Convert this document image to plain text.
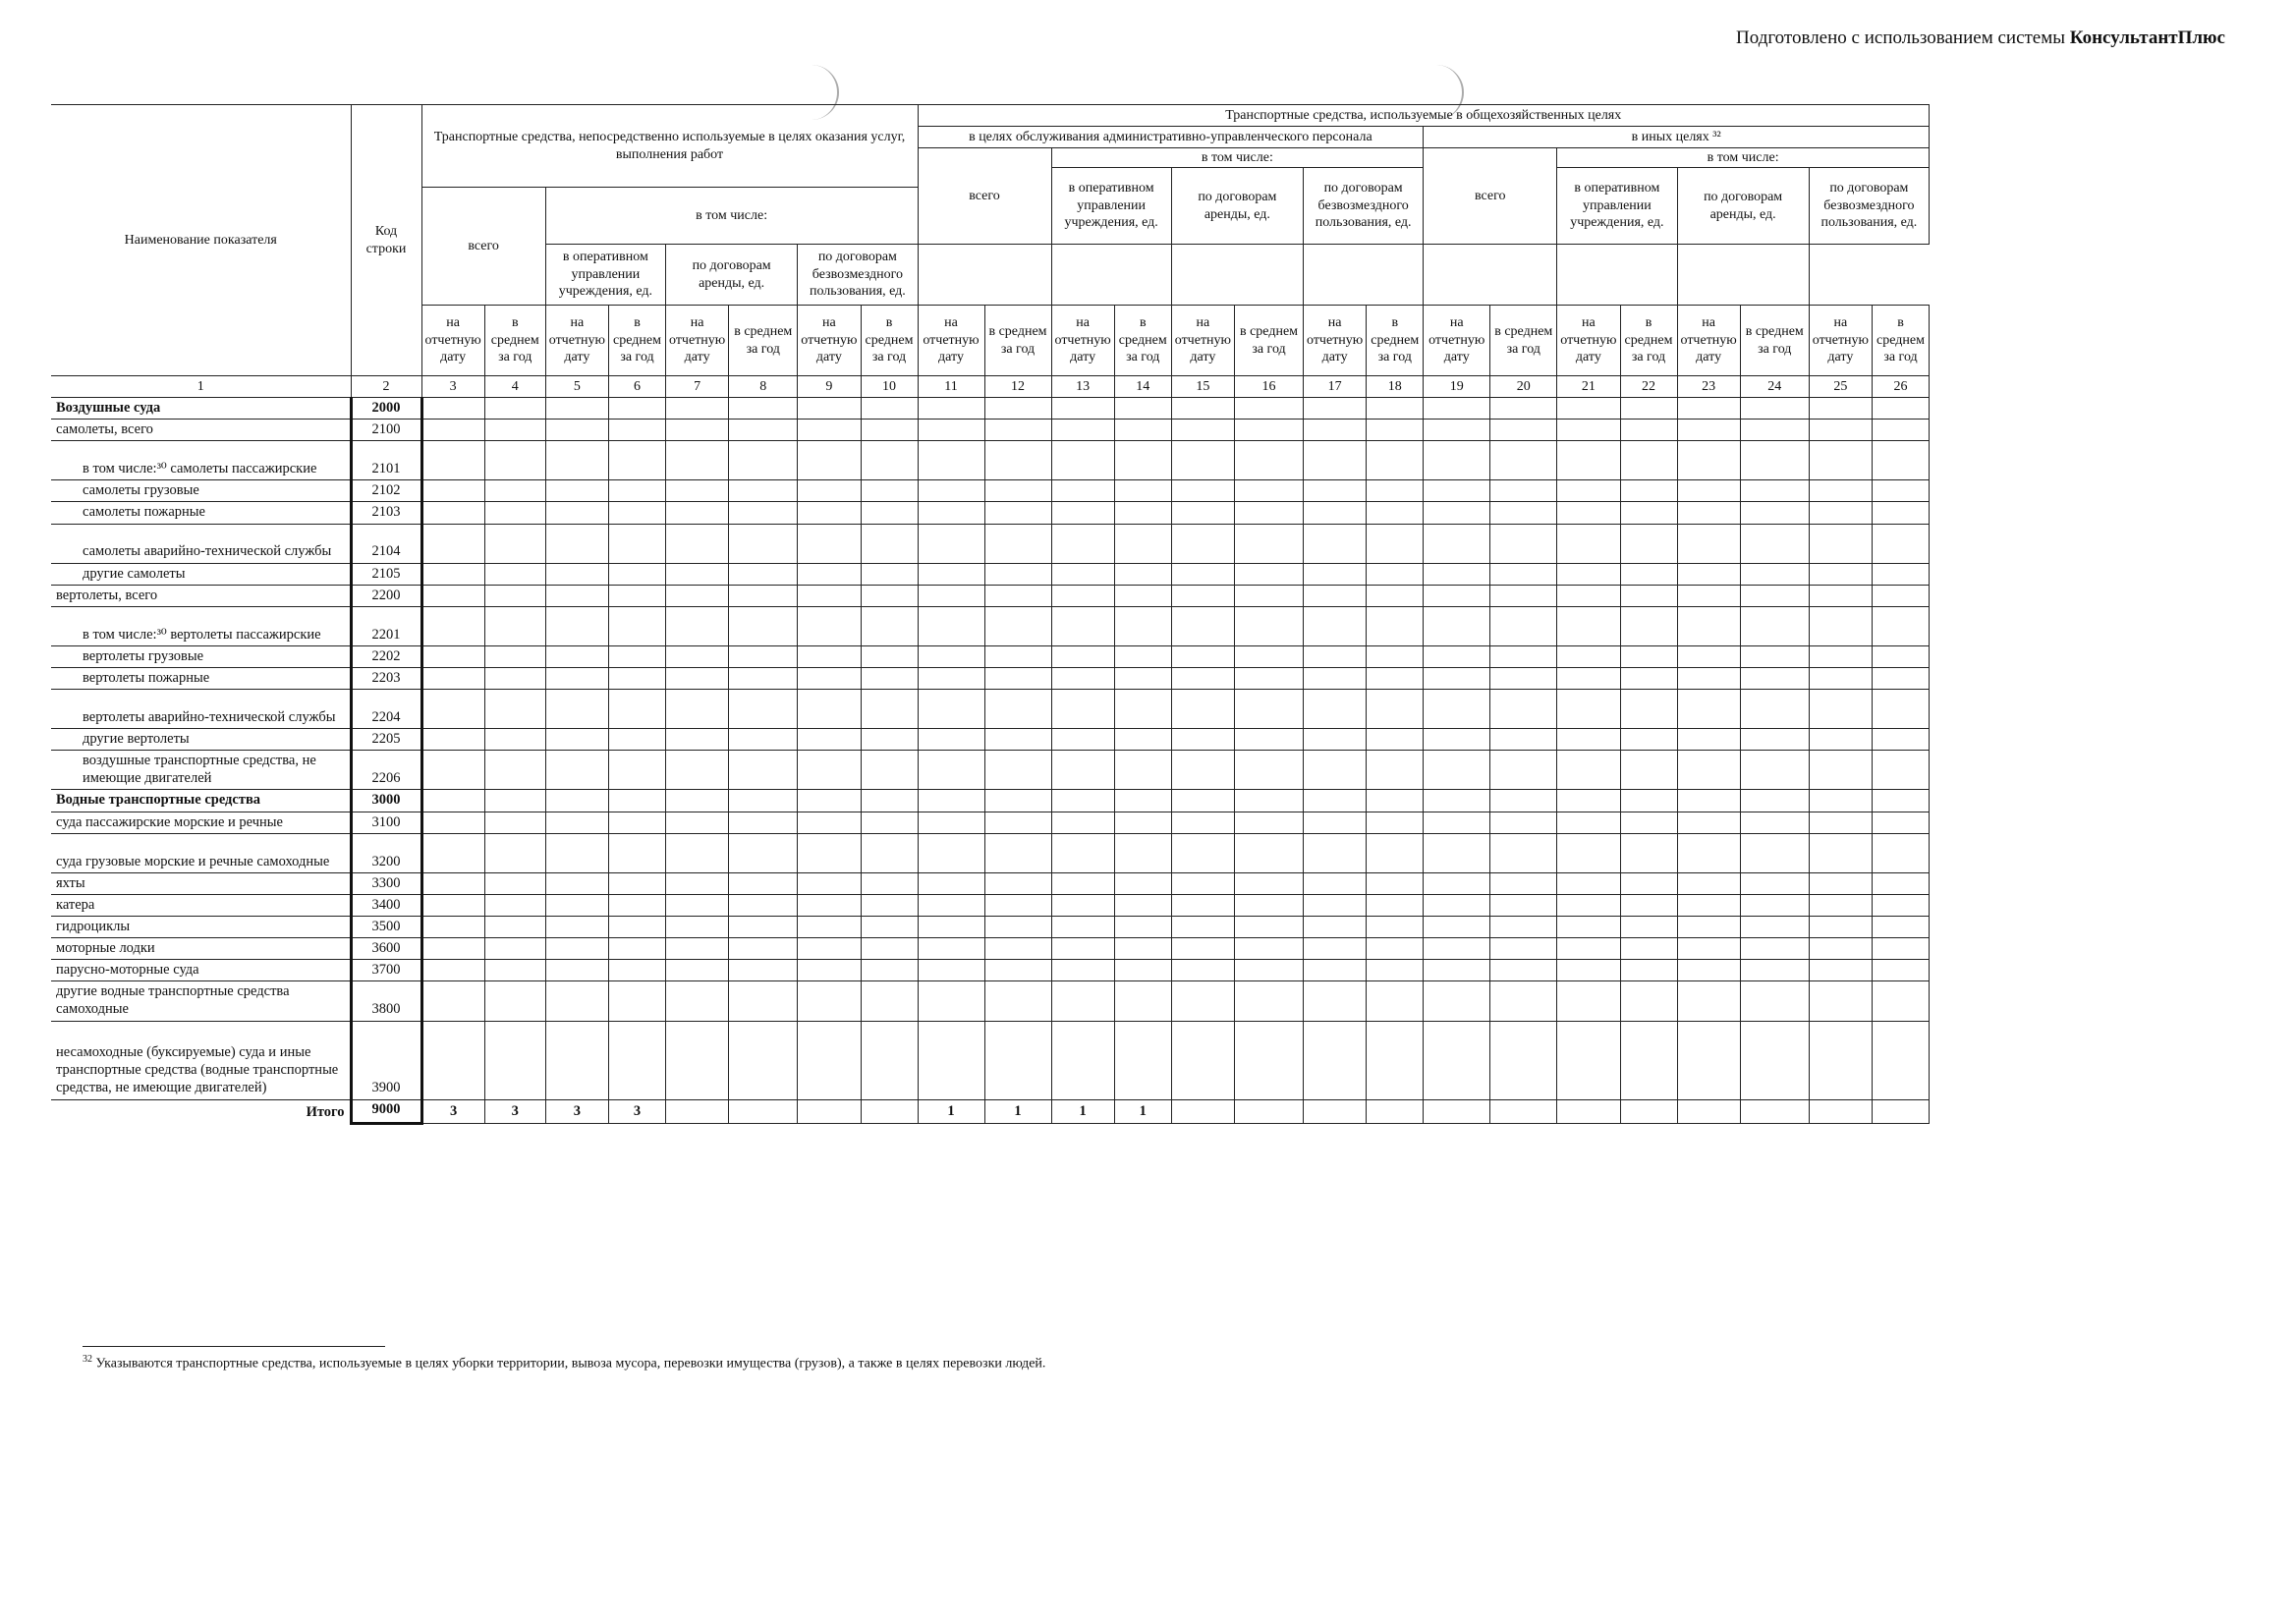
Подготовлено с использованием системы КонсультантПлюс
Наименование показателя	Код строки	Транспортные средства, непосредственно используемые в целях оказания услуг, выполнения работ								Транспортные средства, используемые в общехозяйственных целях															
										в целях обслуживания административно-управленческого персонала								в иных целях ³²							
										всего		в том числе:						всего		в том числе:					
												в оперативном управлении учреждения, ед.		по договорам аренды, ед.		по договорам безвозмездного пользования, ед.				в оперативном управлении учреждения, ед.		по договорам аренды, ед.		по договорам безвозмездного пользования, ед.	
		всего		в том числе:																					
				в оперативном управлении учреждения, ед.		по договорам аренды, ед.		по договорам безвозмездного пользования, ед.																	
		на отчетную дату	в среднем за год	на отчетную дату	в среднем за год	на отчетную дату	в среднем за год	на отчетную дату	в среднем за год	на отчетную дату	в среднем за год	на отчетную дату	в среднем за год	на отчетную дату	в среднем за год	на отчетную дату	в среднем за год	на отчетную дату	в среднем за год	на отчетную дату	в среднем за год	на отчетную дату	в среднем за год	на отчетную дату	в среднем за год
1	2	3	4	5	6	7	8	9	10	11	12	13	14	15	16	17	18	19	20	21	22	23	24	25	26
Воздушные суда	2000																								
самолеты, всего	2100																								
в том числе:³⁰ самолеты пассажирские	2101																								
самолеты грузовые	2102																								
самолеты пожарные	2103																								
самолеты аварийно-технической службы	2104																								
другие самолеты	2105																								
вертолеты, всего	2200																								
в том числе:³⁰ вертолеты пассажирские	2201																								
вертолеты грузовые	2202																								
вертолеты пожарные	2203																								
вертолеты аварийно-технической службы	2204																								
другие вертолеты	2205																								
воздушные транспортные средства, не имеющие двигателей	2206																								
Водные транспортные средства	3000																								
суда пассажирские морские и речные	3100																								
суда грузовые морские и речные самоходные	3200																								
яхты	3300																								
катера	3400																								
гидроциклы	3500																								
моторные лодки	3600																								
парусно-моторные суда	3700																								
другие водные транспортные средства самоходные	3800																								
несамоходные (буксируемые) суда и иные транспортные средства (водные транспортные средства, не имеющие двигателей)	3900																								
Итого	9000	3	3	3	3					1	1	1	1												
$^{32}$ Указываются транспортные средства, используемые в целях уборки территории, вывоза мусора, перевозки имущества (грузов), а также в целях перевозки людей.
